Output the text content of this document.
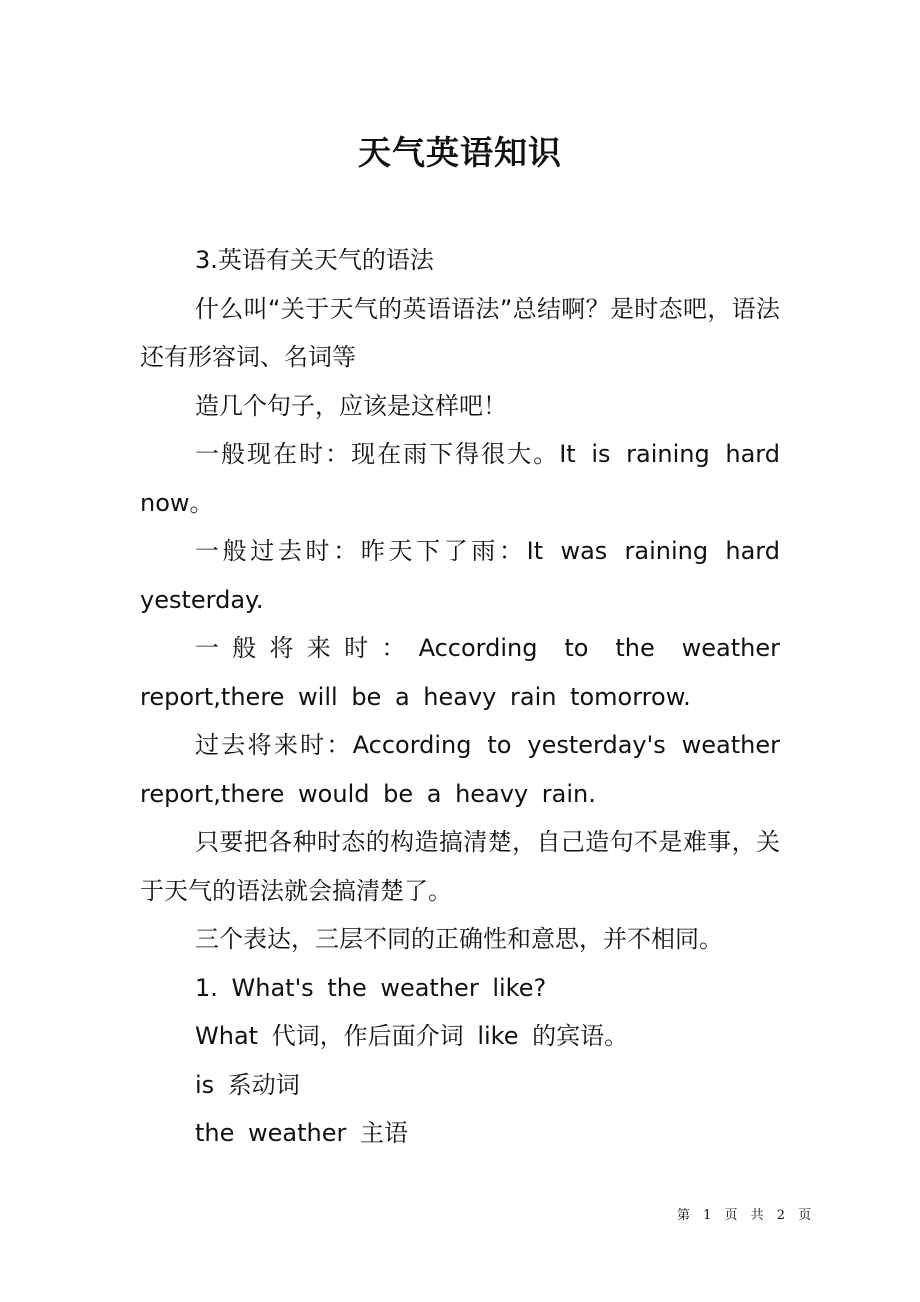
天气英语知识

3.英语有关天气的语法

什么叫“关于天气的英语语法”总结啊？是时态吧，语法还有形容词、名词等

造几个句子，应该是这样吧！

一般现在时：现在雨下得很大。It is raining hard now。

一般过去时：昨天下了雨：It was raining hard yesterday.

一般将来时：According to the weather report,there will be a heavy rain tomorrow.

过去将来时：According to yesterday's weather report,there would be a heavy rain.

只要把各种时态的构造搞清楚，自己造句不是难事，关于天气的语法就会搞清楚了。

三个表达，三层不同的正确性和意思，并不相同。

1. What's the weather like?

What 代词，作后面介词 like 的宾语。

is 系动词

the weather 主语

第 1 页 共 2 页
